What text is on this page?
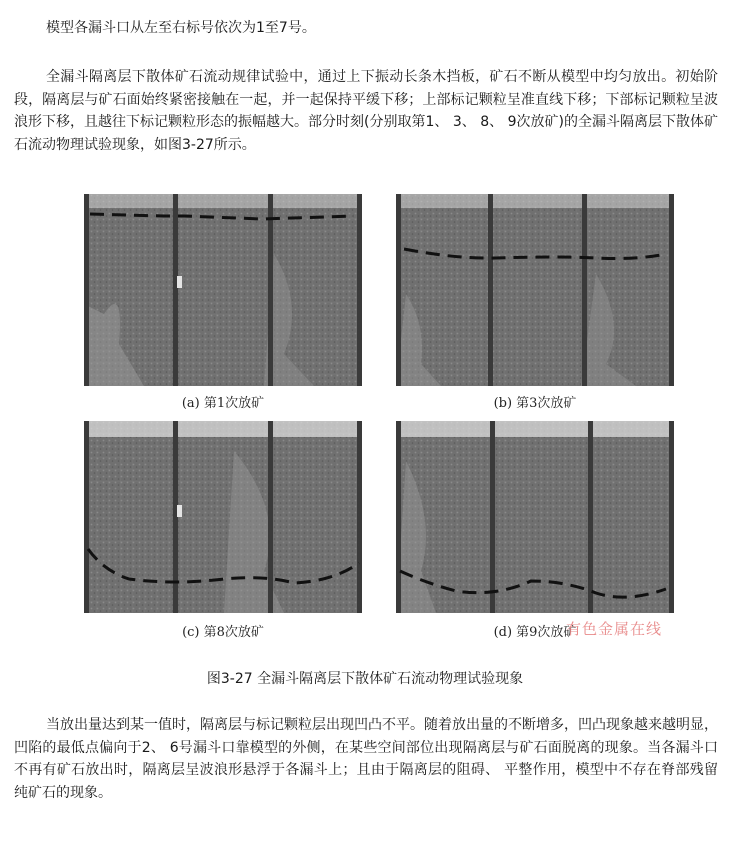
模型各漏斗口从左至右标号依次为1至7号。

全漏斗隔离层下散体矿石流动规律试验中，通过上下振动长条木挡板，矿石不断从模型中均匀放出。初始阶段，隔离层与矿石面始终紧密接触在一起，并一起保持平缓下移；上部标记颗粒呈准直线下移；下部标记颗粒呈波浪形下移，且越往下标记颗粒形态的振幅越大。部分时刻(分别取第1、 3、 8、 9次放矿)的全漏斗隔离层下散体矿石流动物理试验现象，如图3-27所示。

(a) 第1次放矿	(b) 第3次放矿
(c) 第8次放矿	(d) 第9次放矿
有色金属在线
图3-27 全漏斗隔离层下散体矿石流动物理试验现象

当放出量达到某一值时，隔离层与标记颗粒层出现凹凸不平。随着放出量的不断增多，凹凸现象越来越明显，凹陷的最低点偏向于2、 6号漏斗口靠模型的外侧，在某些空间部位出现隔离层与矿石面脱离的现象。当各漏斗口不再有矿石放出时，隔离层呈波浪形悬浮于各漏斗上；且由于隔离层的阻碍、 平整作用，模型中不存在脊部残留纯矿石的现象。
